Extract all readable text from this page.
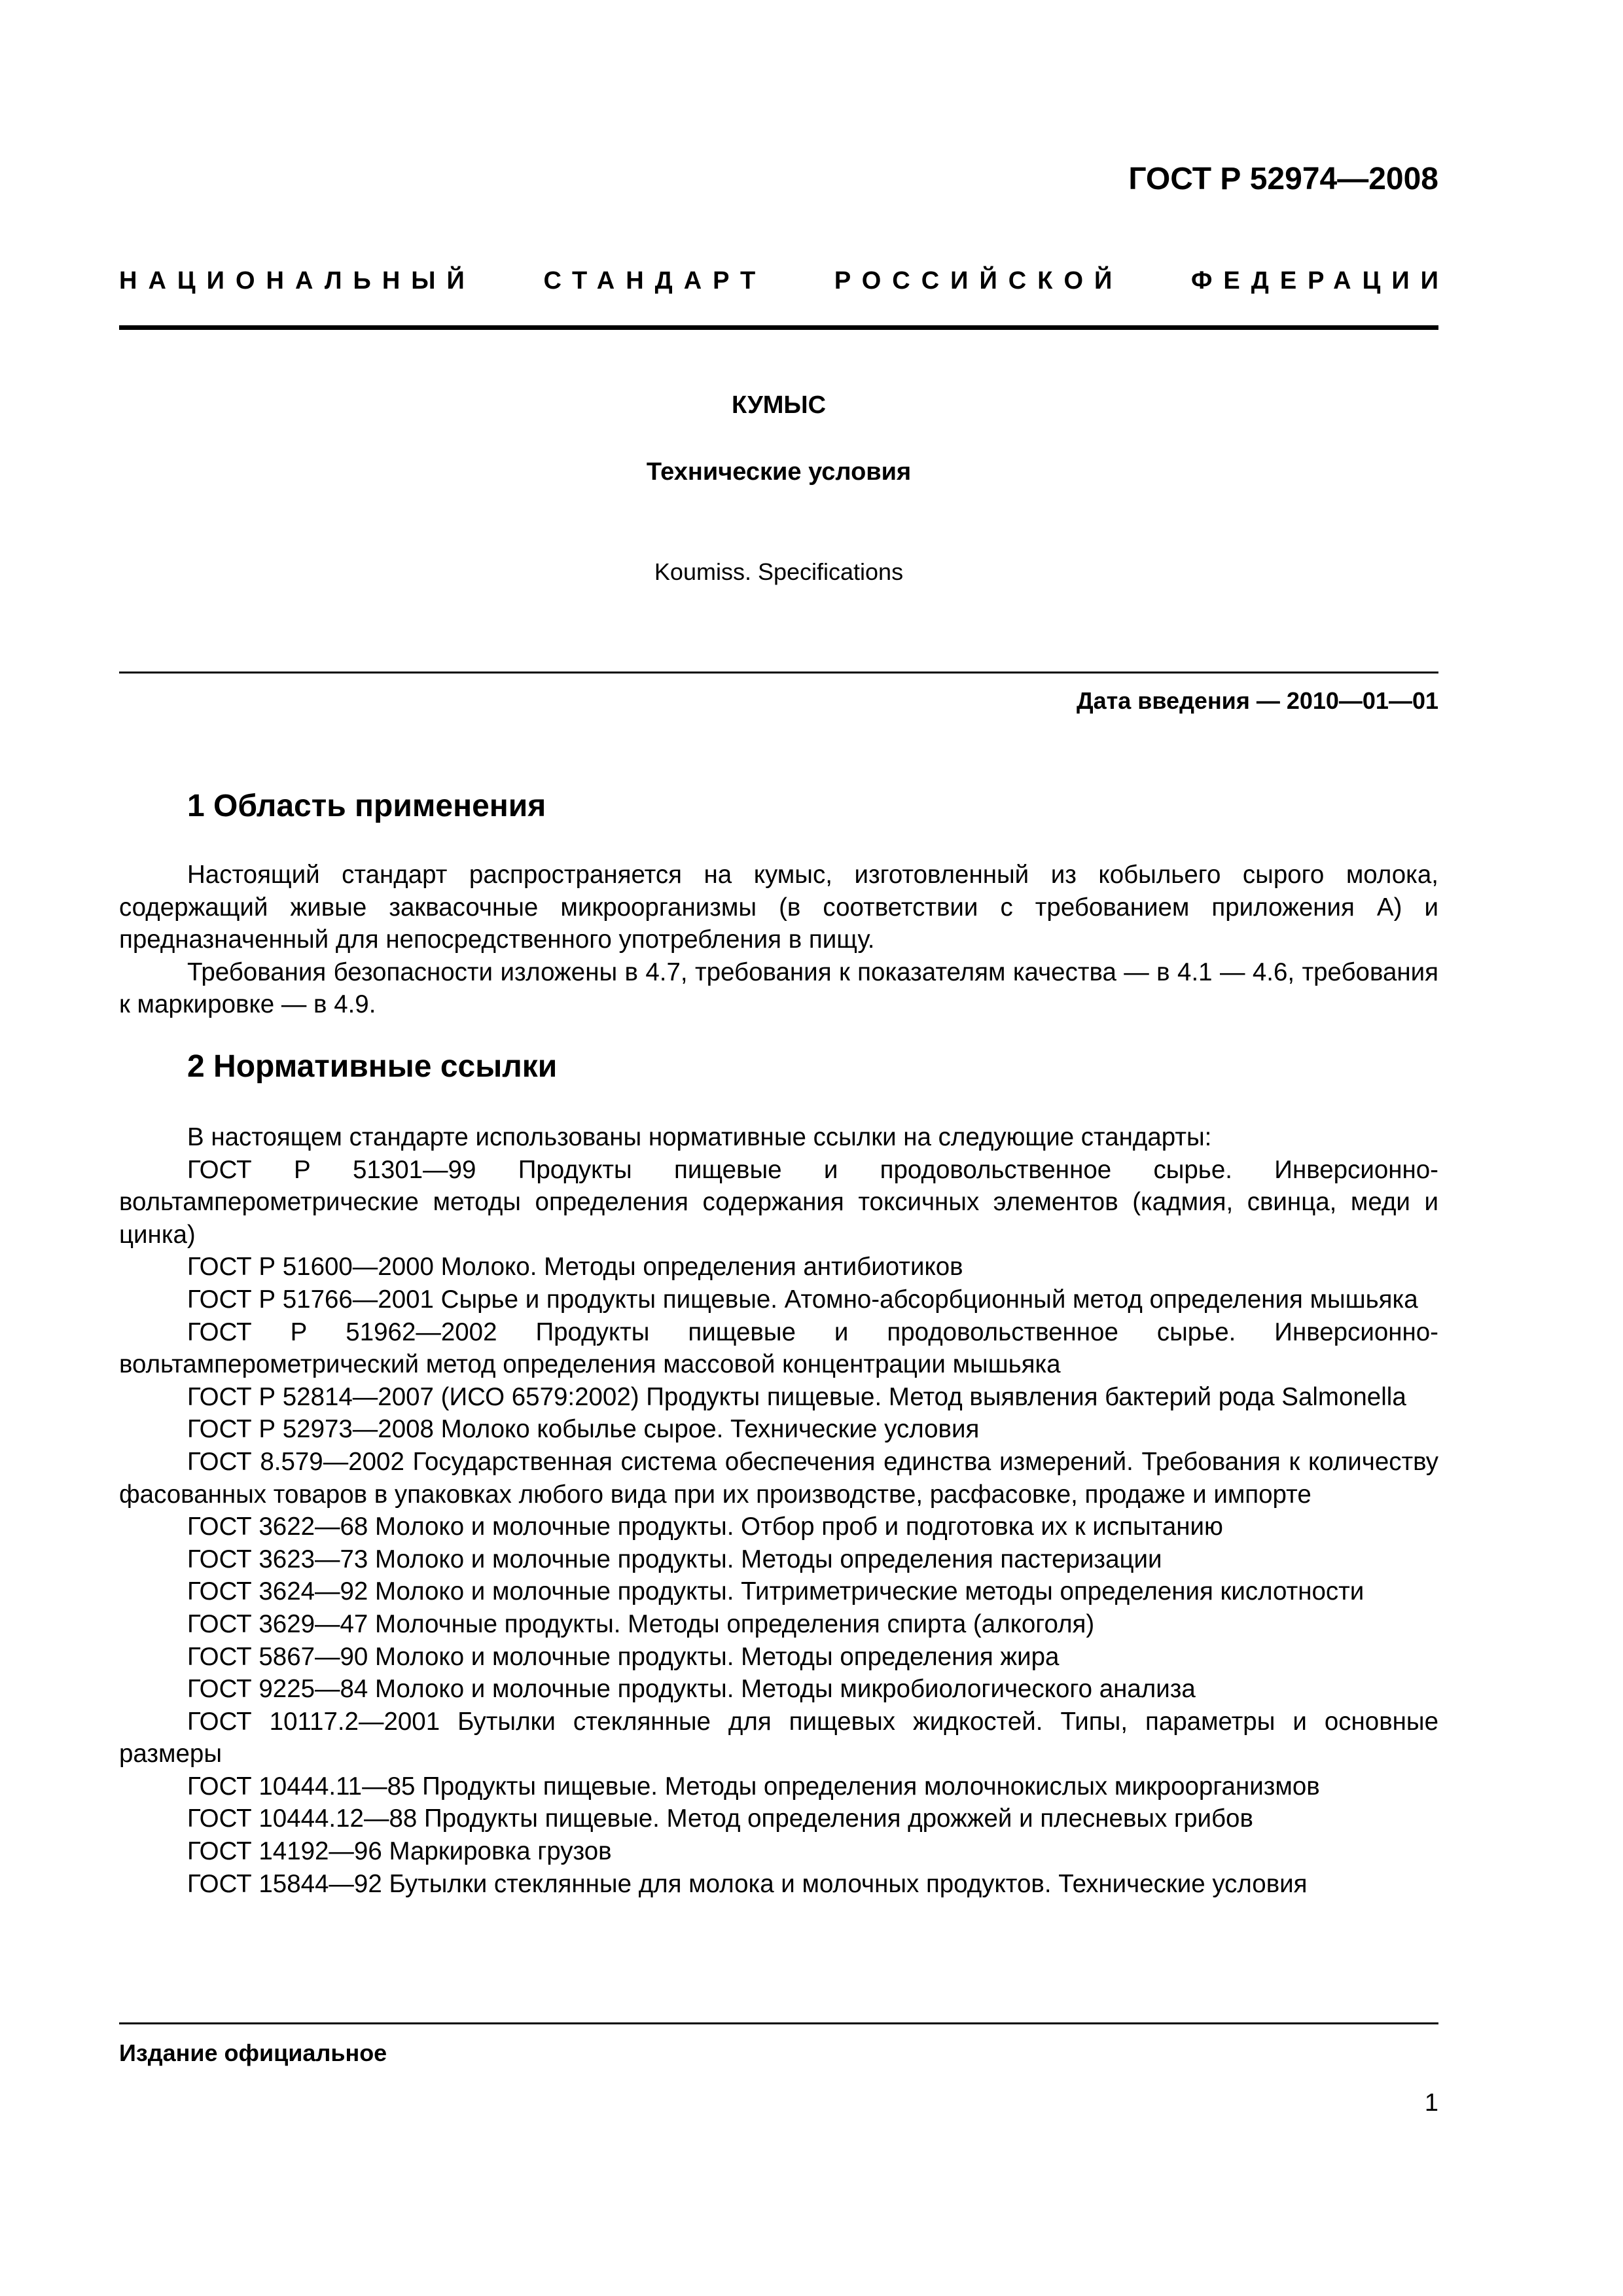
ГОСТ Р 52974—2008
НАЦИОНАЛЬНЫЙ	СТАНДАРТ	РОССИЙСКОЙ	ФЕДЕРАЦИИ
КУМЫС
Технические условия
Koumiss. Specifications
Дата введения — 2010—01—01
1 Область применения

Настоящий стандарт распространяется на кумыс, изготовленный из кобыльего сырого молока, содержащий живые заквасочные микроорганизмы (в соответствии с требованием приложения А) и предназначенный для непосредственного употребления в пищу.

Требования безопасности изложены в 4.7, требования к показателям качества — в 4.1 — 4.6, требования к маркировке — в 4.9.

2 Нормативные ссылки

В настоящем стандарте использованы нормативные ссылки на следующие стандарты:

ГОСТ Р 51301—99 Продукты пищевые и продовольственное сырье. Инверсионно-вольтамперометрические методы определения содержания токсичных элементов (кадмия, свинца, меди и цинка)

ГОСТ Р 51600—2000 Молоко. Методы определения антибиотиков

ГОСТ Р 51766—2001 Сырье и продукты пищевые. Атомно-абсорбционный метод определения мышьяка

ГОСТ Р 51962—2002 Продукты пищевые и продовольственное сырье. Инверсионно-вольтамперометрический метод определения массовой концентрации мышьяка

ГОСТ Р 52814—2007 (ИСО 6579:2002) Продукты пищевые. Метод выявления бактерий рода Salmonella

ГОСТ Р 52973—2008 Молоко кобылье сырое. Технические условия

ГОСТ 8.579—2002 Государственная система обеспечения единства измерений. Требования к количеству фасованных товаров в упаковках любого вида при их производстве, расфасовке, продаже и импорте

ГОСТ 3622—68 Молоко и молочные продукты. Отбор проб и подготовка их к испытанию

ГОСТ 3623—73 Молоко и молочные продукты. Методы определения пастеризации

ГОСТ 3624—92 Молоко и молочные продукты. Титриметрические методы определения кислотности

ГОСТ 3629—47 Молочные продукты. Методы определения спирта (алкоголя)

ГОСТ 5867—90 Молоко и молочные продукты. Методы определения жира

ГОСТ 9225—84 Молоко и молочные продукты. Методы микробиологического анализа

ГОСТ 10117.2—2001 Бутылки стеклянные для пищевых жидкостей. Типы, параметры и основные размеры

ГОСТ 10444.11—85 Продукты пищевые. Методы определения молочнокислых микроорганизмов

ГОСТ 10444.12—88 Продукты пищевые. Метод определения дрожжей и плесневых грибов

ГОСТ 14192—96 Маркировка грузов

ГОСТ 15844—92 Бутылки стеклянные для молока и молочных продуктов. Технические условия

Издание официальное
1
